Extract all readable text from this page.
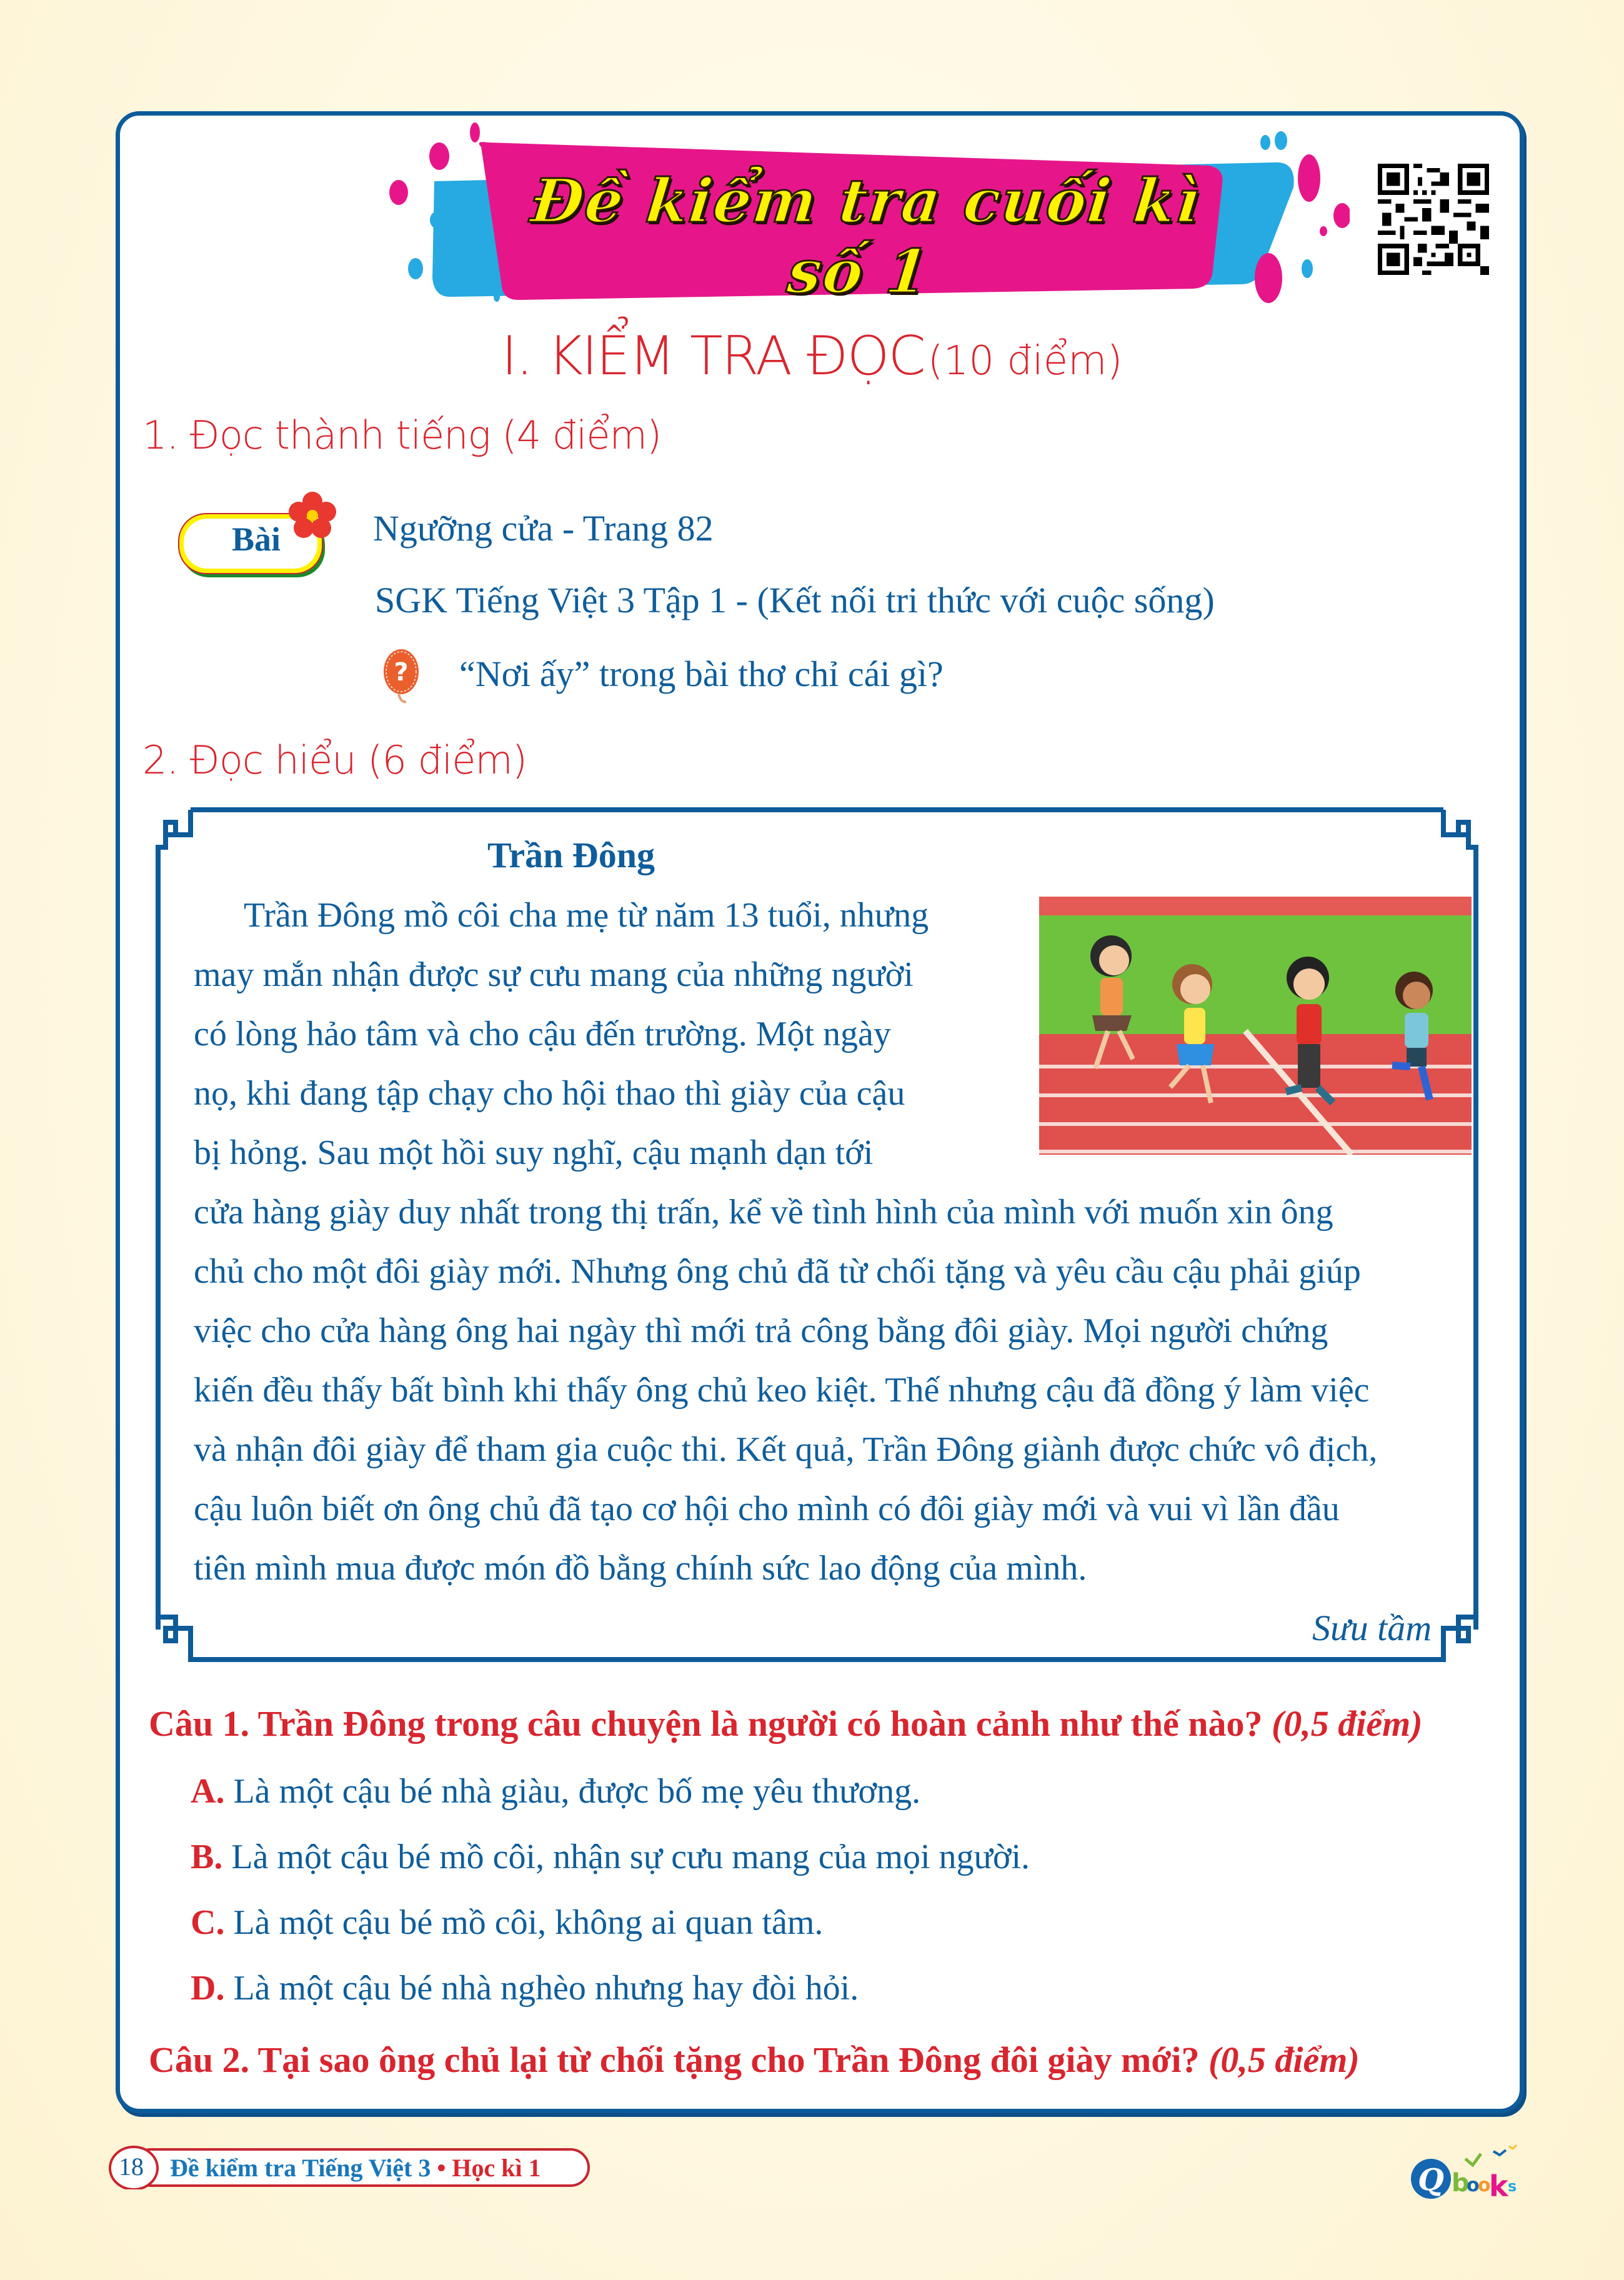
Đề kiểm tra cuối kì số 1
I. KIỂM TRA ĐỌC (10 điểm)
1. Đọc thành tiếng (4 điểm)
Bài	Ngưỡng cửa - Trang 82
SGK Tiếng Việt 3 Tập 1 - (Kết nối tri thức với cuộc sống)
? “Nơi ấy” trong bài thơ chỉ cái gì?
2. Đọc hiểu (6 điểm)
Trần Đông
Trần Đông mồ côi cha mẹ từ năm 13 tuổi, nhưng
may mắn nhận được sự cưu mang của những người
có lòng hảo tâm và cho cậu đến trường. Một ngày
nọ, khi đang tập chạy cho hội thao thì giày của cậu
bị hỏng. Sau một hồi suy nghĩ, cậu mạnh dạn tới
cửa hàng giày duy nhất trong thị trấn, kể về tình hình của mình với muốn xin ông
chủ cho một đôi giày mới. Nhưng ông chủ đã từ chối tặng và yêu cầu cậu phải giúp
việc cho cửa hàng ông hai ngày thì mới trả công bằng đôi giày. Mọi người chứng
kiến đều thấy bất bình khi thấy ông chủ keo kiệt. Thế nhưng cậu đã đồng ý làm việc
và nhận đôi giày để tham gia cuộc thi. Kết quả, Trần Đông giành được chức vô địch,
cậu luôn biết ơn ông chủ đã tạo cơ hội cho mình có đôi giày mới và vui vì lần đầu
tiên mình mua được món đồ bằng chính sức lao động của mình.
Sưu tầm
Câu 1. Trần Đông trong câu chuyện là người có hoàn cảnh như thế nào? (0,5 điểm)
A. Là một cậu bé nhà giàu, được bố mẹ yêu thương.
B. Là một cậu bé mồ côi, nhận sự cưu mang của mọi người.
C. Là một cậu bé mồ côi, không ai quan tâm.
D. Là một cậu bé nhà nghèo nhưng hay đòi hỏi.
Câu 2. Tại sao ông chủ lại từ chối tặng cho Trần Đông đôi giày mới? (0,5 điểm)
18 Đề kiểm tra Tiếng Việt 3 • Học kì 1	Q b
o
o
k s
